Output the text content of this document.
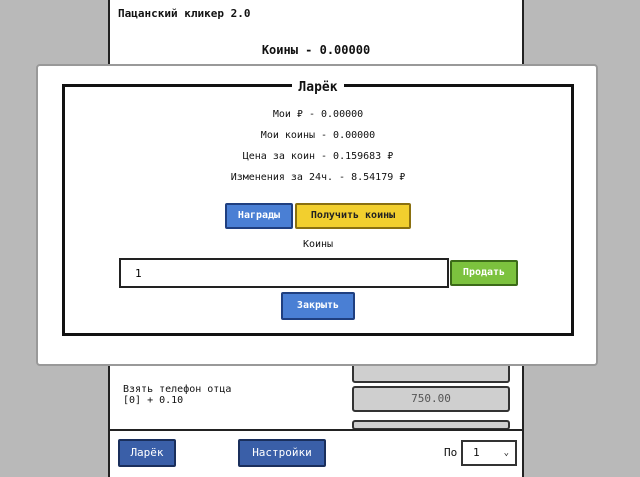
Пацанский кликер 2.0
Коины - 0.00000
Взять телефон отца
[0] + 0.10	750.00
Ларёк	Настройки	По	1	⌄
Ларёк
Мои ₽ - 0.00000
Мои коины - 0.00000
Цена за коин - 0.159683 ₽
Изменения за 24ч. - 8.54179 ₽
Награды	Получить коины
Коины
1
Продать
Закрыть
